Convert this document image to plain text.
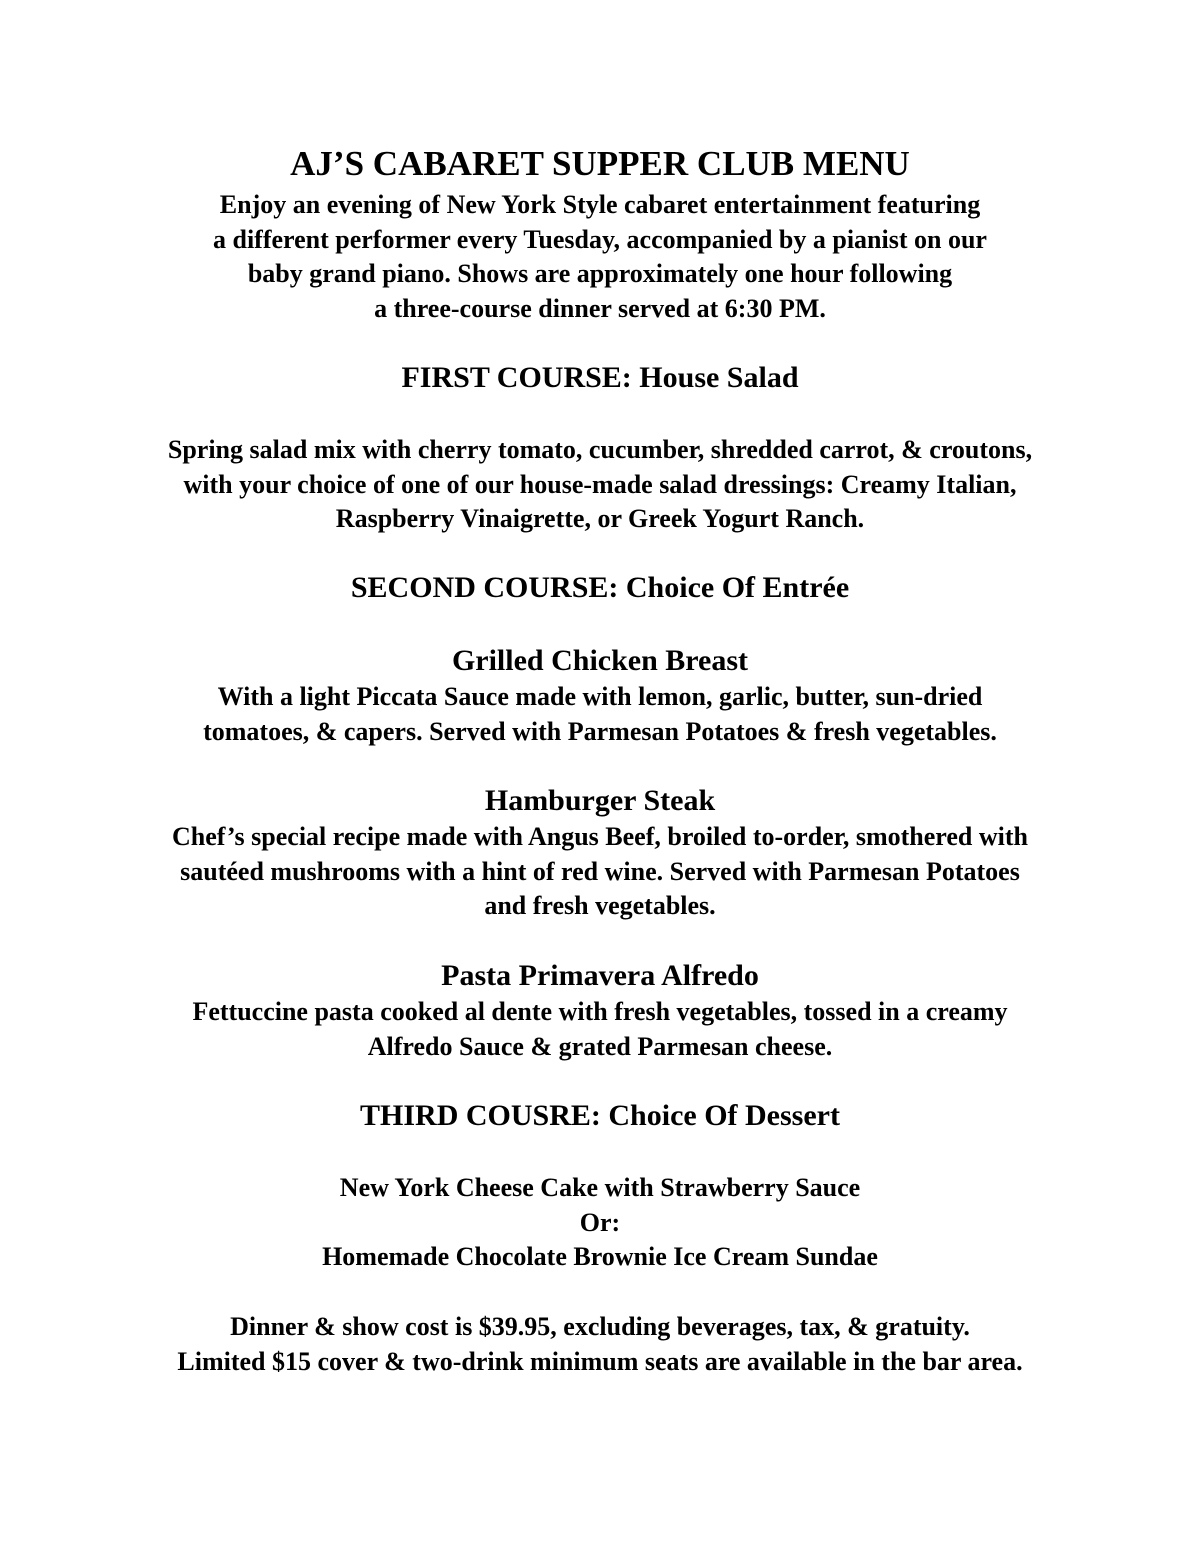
AJ’S CABARET SUPPER CLUB MENU
Enjoy an evening of New York Style cabaret entertainment featuring
a different performer every Tuesday, accompanied by a pianist on our
baby grand piano. Shows are approximately one hour following
a three-course dinner served at 6:30 PM.
FIRST COURSE: House Salad
Spring salad mix with cherry tomato, cucumber, shredded carrot, & croutons,
with your choice of one of our house-made salad dressings: Creamy Italian,
Raspberry Vinaigrette, or Greek Yogurt Ranch.
SECOND COURSE: Choice Of Entrée
Grilled Chicken Breast
With a light Piccata Sauce made with lemon, garlic, butter, sun-dried
tomatoes, & capers. Served with Parmesan Potatoes & fresh vegetables.
Hamburger Steak
Chef’s special recipe made with Angus Beef, broiled to-order, smothered with
sautéed mushrooms with a hint of red wine. Served with Parmesan Potatoes
and fresh vegetables.
Pasta Primavera Alfredo
Fettuccine pasta cooked al dente with fresh vegetables, tossed in a creamy
Alfredo Sauce & grated Parmesan cheese.
THIRD COUSRE: Choice Of Dessert
New York Cheese Cake with Strawberry Sauce
Or:
Homemade Chocolate Brownie Ice Cream Sundae
Dinner & show cost is $39.95, excluding beverages, tax, & gratuity.
Limited $15 cover & two-drink minimum seats are available in the bar area.
